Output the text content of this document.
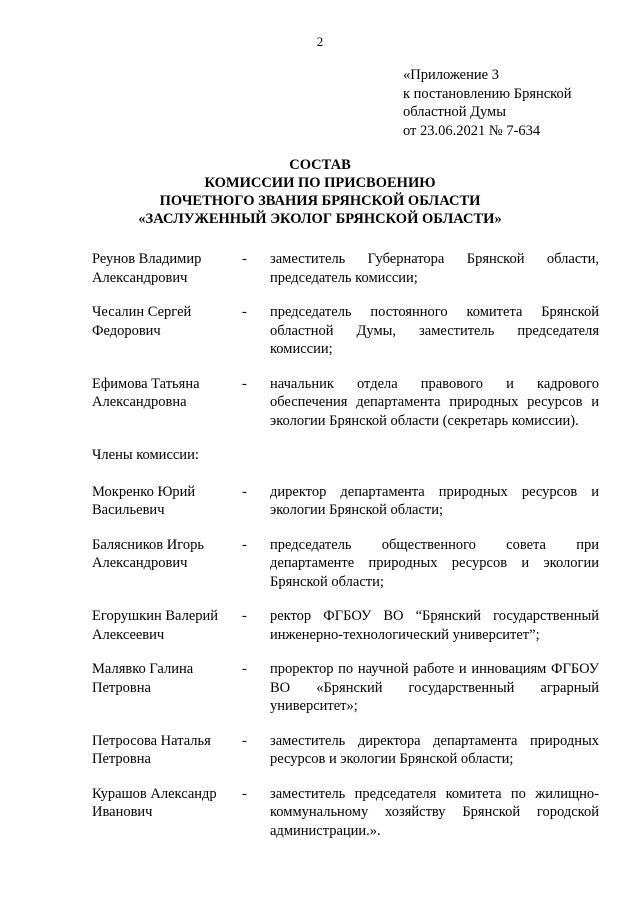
2
«Приложение 3
к постановлению Брянской
областной Думы
от 23.06.2021 № 7-634
СОСТАВ
КОМИССИИ ПО ПРИСВОЕНИЮ
ПОЧЕТНОГО ЗВАНИЯ БРЯНСКОЙ ОБЛАСТИ
«ЗАСЛУЖЕННЫЙ ЭКОЛОГ БРЯНСКОЙ ОБЛАСТИ»
Реунов Владимир
Александрович
-	заместитель Губернатора Брянской области, председатель комиссии;
Чесалин Сергей
Федорович
-	председатель постоянного комитета Брянской областной Думы, заместитель председателя комиссии;
Ефимова Татьяна
Александровна
-	начальник отдела правового и кадрового обеспечения департамента природных ресурсов и экологии Брянской области (секретарь комиссии).
Члены комиссии:
Мокренко Юрий
Васильевич
-	директор департамента природных ресурсов и экологии Брянской области;
Балясников Игорь
Александрович
-	председатель общественного совета при департаменте природных ресурсов и экологии Брянской области;
Егорушкин Валерий
Алексеевич
-	ректор ФГБОУ ВО “Брянский государственный инженерно-технологический университет”;
Малявко Галина
Петровна
-	проректор по научной работе и инновациям ФГБОУ ВО «Брянский государственный аграрный университет»;
Петросова Наталья
Петровна
-	заместитель директора департамента природных ресурсов и экологии Брянской области;
Курашов Александр
Иванович
-	заместитель председателя комитета по жилищно-коммунальному хозяйству Брянской городской администрации.».
